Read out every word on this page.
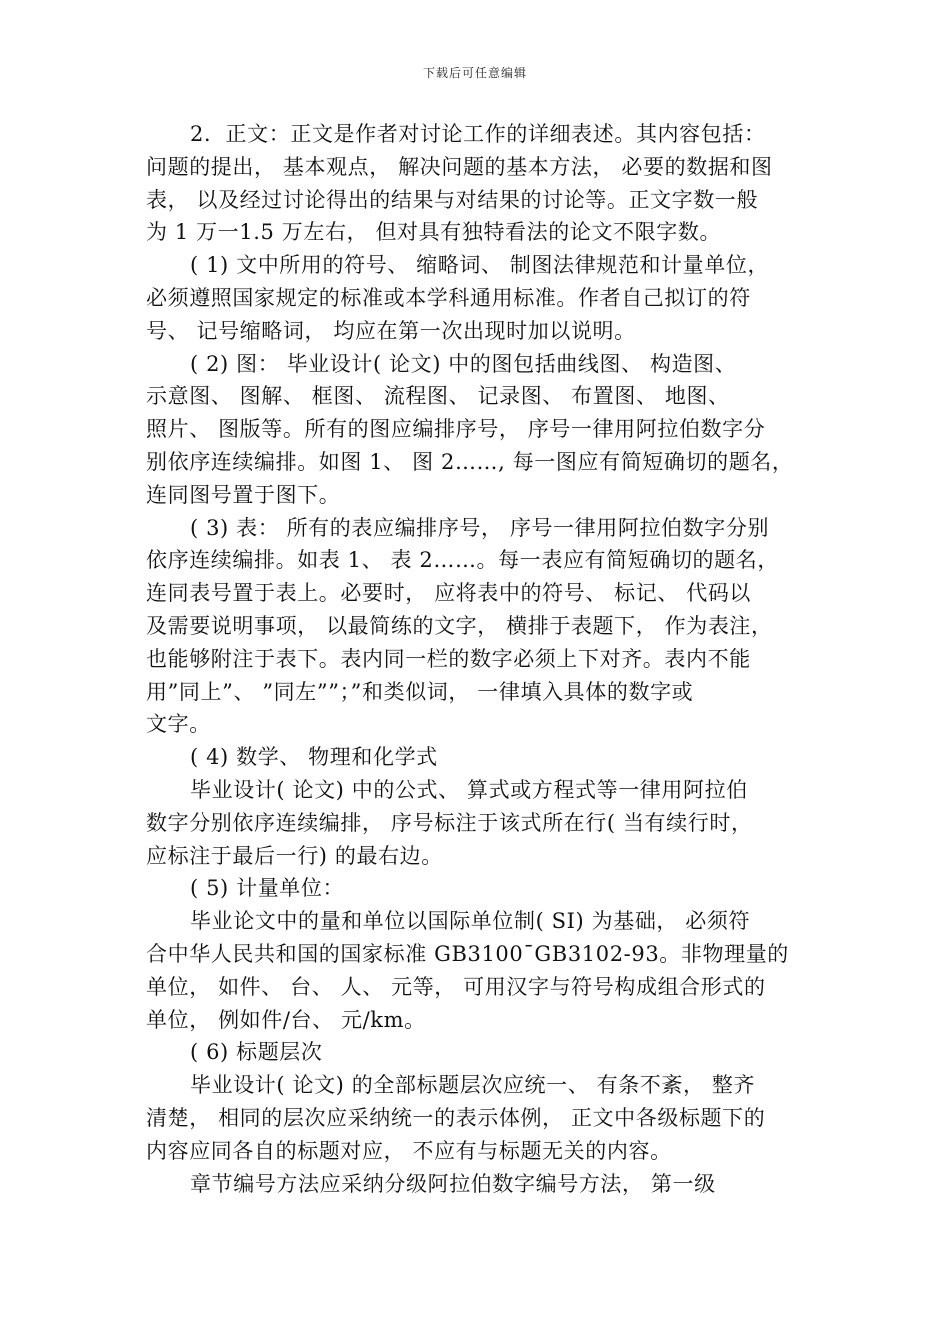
下载后可任意编辑
2．正文：正文是作者对讨论工作的详细表述。其内容包括：
问题的提出， 基本观点， 解决问题的基本方法， 必要的数据和图
表， 以及经过讨论得出的结果与对结果的讨论等。正文字数一般
为 1 万一1.5 万左右， 但对具有独特看法的论文不限字数。
( 1) 文中所用的符号、 缩略词、 制图法律规范和计量单位，
必须遵照国家规定的标准或本学科通用标准。作者自己拟订的符
号、 记号缩略词， 均应在第一次出现时加以说明。
( 2) 图： 毕业设计( 论文) 中的图包括曲线图、 构造图、
示意图、 图解、 框图、 流程图、 记录图、 布置图、 地图、
照片、 图版等。所有的图应编排序号， 序号一律用阿拉伯数字分
别依序连续编排。如图 1、 图 2……, 每一图应有简短确切的题名，
连同图号置于图下。
( 3) 表： 所有的表应编排序号， 序号一律用阿拉伯数字分别
依序连续编排。如表 1、 表 2……。每一表应有简短确切的题名，
连同表号置于表上。必要时， 应将表中的符号、 标记、 代码以
及需要说明事项， 以最简练的文字， 横排于表题下， 作为表注，
也能够附注于表下。表内同一栏的数字必须上下对齐。表内不能
用”同上”、 ”同左””；”和类似词， 一律填入具体的数字或
文字。
( 4) 数学、 物理和化学式
毕业设计( 论文) 中的公式、 算式或方程式等一律用阿拉伯
数字分别依序连续编排， 序号标注于该式所在行( 当有续行时，
应标注于最后一行) 的最右边。
( 5) 计量单位：
毕业论文中的量和单位以国际单位制( SI) 为基础， 必须符
合中华人民共和国的国家标准 GB3100¯GB3102-93。非物理量的
单位， 如件、 台、 人、 元等， 可用汉字与符号构成组合形式的
单位， 例如件/台、 元/km。
( 6) 标题层次
毕业设计( 论文) 的全部标题层次应统一、 有条不紊， 整齐
清楚， 相同的层次应采纳统一的表示体例， 正文中各级标题下的
内容应同各自的标题对应， 不应有与标题无关的内容。
章节编号方法应采纳分级阿拉伯数字编号方法， 第一级
